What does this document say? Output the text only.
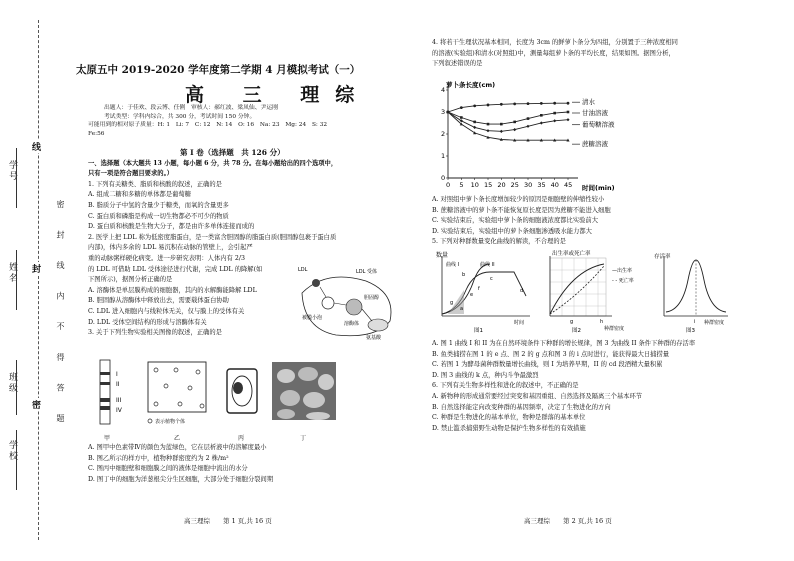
学号
姓名
学校
班级
线
封
密 密 封 线 内 不 得 答 题
太原五中 2019-2020 学年度第二学期 4 月模拟考试（一）
高 三 理综
出题人：于佳欢、段云博、任俐　审核人：郝红波、梁凤仙、尹运刚
考试类型：学科内综合，共 300 分，考试时间 150 分钟。
可能用到的相对原子质量：H: 1　Li: 7　C: 12　N: 14　O: 16　Na: 23　Mg: 24　S: 32
Fe:56
第 I 卷（选择题　共 126 分）
一、选择题（本大题共 13 小题，每小题 6 分，共 78 分。在每小题给出的四个选项中，
只有一项是符合题目要求的。）
1. 下列有关糖类、脂质和核酸的叙述，正确的是
A. 组成二糖和多糖的单体都是葡萄糖
B. 脂质分子中氢的含量少于糖类，而氧的含量更多
C. 蛋白质和磷脂是构成一切生物都必不可少的物质
D. 蛋白质和核酸是生物大分子，都是由许多单体连接而成的
2. 医学上把 LDL 称为低密度脂蛋白，是一类富含胆固醇的脂蛋白质(胆固醇包裹于蛋白质
内部)，体内多余的 LDL 易沉积在动脉的管壁上，会引起严
重的动脉粥样硬化病变。进一步研究表明：人体内有 2/3
的 LDL 可借助 LDL 受体途径进行代谢，完成 LDL 的降解(如
下图所示)，据图分析正确的是
A. 溶酶体是单层膜构成的细胞器，其内的水解酶能降解 LDL
B. 胆固醇从溶酶体中释放出去，需要载体蛋白协助
C. LDL 进入细胞内与线粒体无关，仅与膜上的受体有关
D. LDL 受体空间结构的形成与溶酶体有关
3. 关于下列生物实验相关图像的叙述，正确的是
LDL	LDL 受体
溶酶体
被膜小泡
胆固醇
氨基酸
I
II
III
IV
表示植物个体
甲	乙	丙	丁
A. 图甲中色素带Ⅳ的颜色为蓝绿色，它在层析液中的溶解度最小
B. 图乙所示的样方中，植物种群密度约为 2 株/m²
C. 图丙中细胞壁和细胞膜之间的液体是细胞中流出的水分
D. 图丁中的细胞为洋葱根尖分生区细胞，大部分处于细胞分裂间期
高三理综　　第 1 页,共 16 页
4. 将若干生理状况基本相同，长度为 3cm 的鲜萝卜条分为四组，分别置于三种浓度相同
的溶液(实验组)和清水(对照组)中，测量每组萝卜条的平均长度，结果如图。据图分析，
下列叙述错误的是
萝卜条长度(cm)
时间(min)
0
1
2
3
4
0 5 10 15 20 25 30 35 40 45
清水
甘油溶液
葡萄糖溶液
蔗糖溶液
A. 对照组中萝卜条长度增加较少的原因是细胞壁的伸缩性较小
B. 蔗糖溶液中的萝卜条不能恢复原长度是因为蔗糖不能进入细胞
C. 实验结束后，实验组中萝卜条的细胞液浓度都比实验前大
D. 实验结束后，实验组中的萝卜条细胞渗透吸水能力都大
5. 下列对种群数量变化曲线的解读，不合理的是
数量
曲线 I	曲线 II
b
c
d
e
f
g
a
时间
图1
出生率或死亡率
—出生率
- - 死亡率
g	h
种群密度
图2
存活率
i 种群密度
图3
A. 图 1 曲线 I 和 II 为在自然环境条件下种群的增长规律，图 3 为曲线 II 条件下种群的存活率
B. 鱼类捕捞在图 1 的 e 点、图 2 的 g 点和图 3 的 i 点时进行，能获得最大日捕捞量
C. 若图 1 为酵母菌种群数量增长曲线，则 I 为培养早期，II 的 cd 段酒精大量积累
D. 图 3 曲线的 k 点，种内斗争最激烈
6. 下列有关生物多样性和进化的叙述中，不正确的是
A. 新物种的形成通常要经过突变和基因重组、自然选择及隔离三个基本环节
B. 自然选择能定向改变种群的基因频率，决定了生物进化的方向
C. 种群是生物进化的基本单位，物种是群落的基本单位
D. 禁止滥杀捕猎野生动物是保护生物多样性的有效措施
高三理综　　第 2 页,共 16 页
